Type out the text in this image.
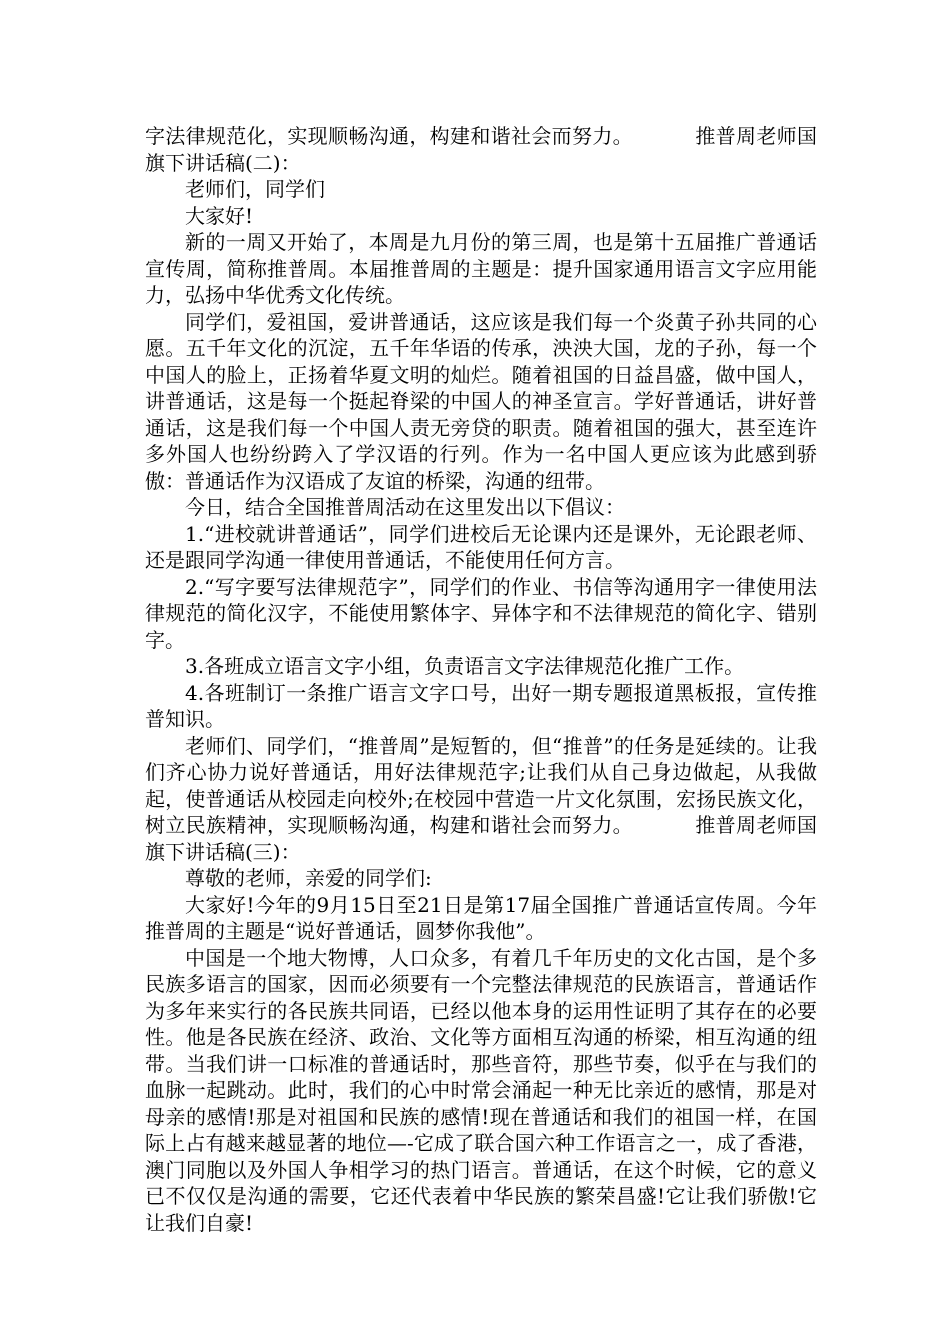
字法律规范化，实现顺畅沟通，构建和谐社会而努力。	推普周老师国旗下讲话稿(二)：

老师们，同学们

大家好!

新的一周又开始了，本周是九月份的第三周，也是第十五届推广普通话宣传周，简称推普周。本届推普周的主题是：提升国家通用语言文字应用能力，弘扬中华优秀文化传统。

同学们，爱祖国，爱讲普通话，这应该是我们每一个炎黄子孙共同的心愿。五千年文化的沉淀，五千年华语的传承，泱泱大国，龙的子孙，每一个中国人的脸上，正扬着华夏文明的灿烂。随着祖国的日益昌盛，做中国人，讲普通话，这是每一个挺起脊梁的中国人的神圣宣言。学好普通话，讲好普通话，这是我们每一个中国人责无旁贷的职责。随着祖国的强大，甚至连许多外国人也纷纷跨入了学汉语的行列。作为一名中国人更应该为此感到骄傲：普通话作为汉语成了友谊的桥梁，沟通的纽带。

今日，结合全国推普周活动在这里发出以下倡议：

1.“进校就讲普通话”，同学们进校后无论课内还是课外，无论跟老师、还是跟同学沟通一律使用普通话，不能使用任何方言。

2.“写字要写法律规范字”，同学们的作业、书信等沟通用字一律使用法律规范的简化汉字，不能使用繁体字、异体字和不法律规范的简化字、错别字。

3.各班成立语言文字小组，负责语言文字法律规范化推广工作。

4.各班制订一条推广语言文字口号，出好一期专题报道黑板报，宣传推普知识。

老师们、同学们，“推普周”是短暂的，但“推普”的任务是延续的。让我们齐心协力说好普通话，用好法律规范字;让我们从自己身边做起，从我做起，使普通话从校园走向校外;在校园中营造一片文化氛围，宏扬民族文化，树立民族精神，实现顺畅沟通，构建和谐社会而努力。	推普周老师国旗下讲话稿(三)：

尊敬的老师，亲爱的同学们:

大家好!今年的9月15日至21日是第17届全国推广普通话宣传周。今年推普周的主题是“说好普通话，圆梦你我他”。

中国是一个地大物博，人口众多，有着几千年历史的文化古国，是个多民族多语言的国家，因而必须要有一个完整法律规范的民族语言，普通话作为多年来实行的各民族共同语，已经以他本身的运用性证明了其存在的必要性。他是各民族在经济、政治、文化等方面相互沟通的桥梁，相互沟通的纽带。当我们讲一口标准的普通话时，那些音符，那些节奏，似乎在与我们的血脉一起跳动。此时，我们的心中时常会涌起一种无比亲近的感情，那是对母亲的感情!那是对祖国和民族的感情!现在普通话和我们的祖国一样，在国际上占有越来越显著的地位—-它成了联合国六种工作语言之一，成了香港，澳门同胞以及外国人争相学习的热门语言。普通话，在这个时候，它的意义已不仅仅是沟通的需要，它还代表着中华民族的繁荣昌盛!它让我们骄傲!它让我们自豪!
